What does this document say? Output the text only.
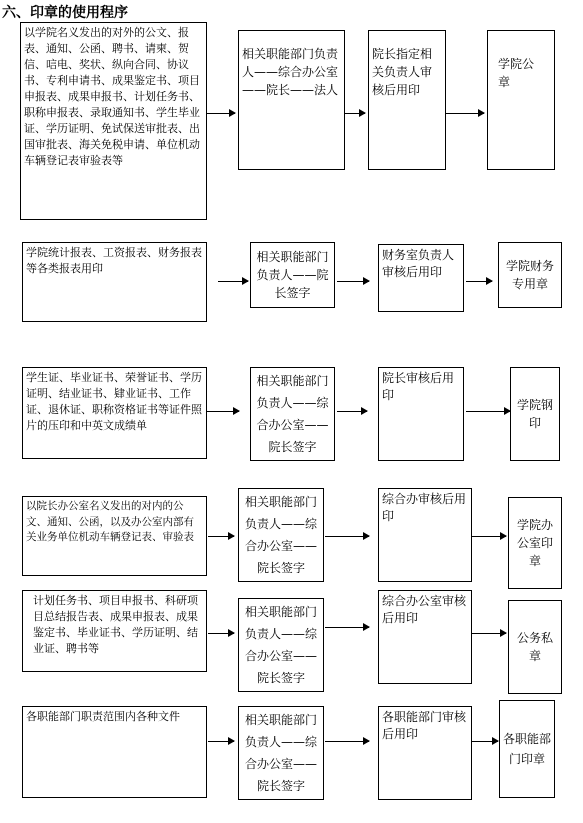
六、印章的使用程序
以学院名义发出的对外的公文、报表、通知、公函、聘书、请柬、贺信、唁电、奖状、纵向合同、协议书、专利申请书、成果鉴定书、项目申报表、成果申报书、计划任务书、职称申报表、录取通知书、学生毕业证、学历证明、免试保送审批表、出国审批表、海关免税申请、单位机动车辆登记表审验表等
相关职能部门负责人——综合办公室——院长——法人
院长指定相关负责人审核后用印
学院公章
学院统计报表、工资报表、财务报表等各类报表用印
相关职能部门负责人——院长签字
财务室负责人审核后用印	学院财务专用章
学生证、毕业证书、荣誉证书、学历证明、结业证书、肄业证书、工作证、退休证、职称资格证书等证件照片的压印和中英文成绩单
相关职能部门负责人——综合办公室——院长签字
院长审核后用印
学院钢印
以院长办公室名义发出的对内的公文、通知、公函，以及办公室内部有关业务单位机动车辆登记表、审验表
相关职能部门负责人——综合办公室——院长签字
综合办审核后用印
学院办公室印章
计划任务书、项目申报书、科研项目总结报告表、成果申报表、成果鉴定书、毕业证书、学历证明、结业证、聘书等
相关职能部门负责人——综合办公室——院长签字
综合办公室审核后用印
公务私章
各职能部门职责范围内各种文件	相关职能部门负责人——综合办公室——院长签字
各职能部门审核后用印	各职能部门印章
